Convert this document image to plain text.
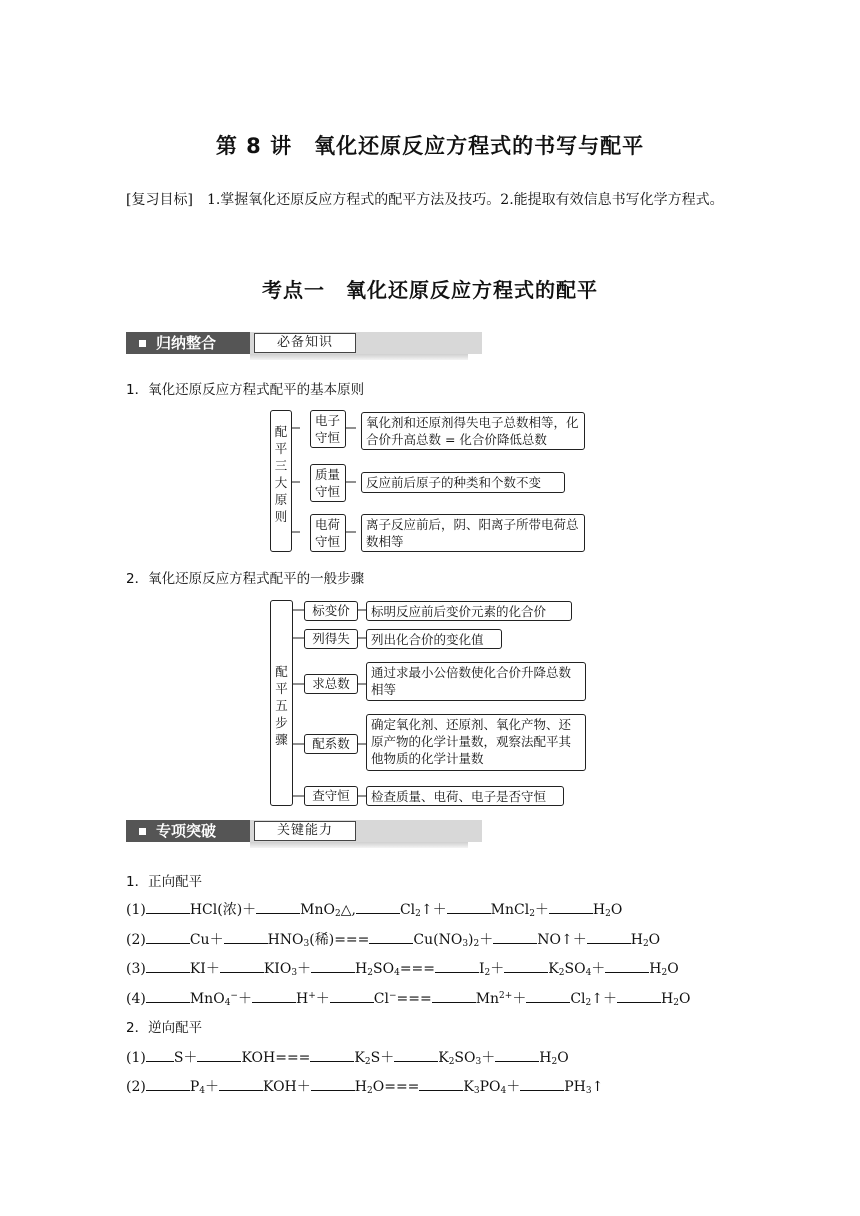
第 8 讲　氧化还原反应方程式的书写与配平
[复习目标] 1.掌握氧化还原反应方程式的配平方法及技巧。2.能提取有效信息书写化学方程式。
考点一　氧化还原反应方程式的配平
归纳整合	必备知识
1．氧化还原反应方程式配平的基本原则
配平三大原则
电子守恒
质量守恒
电荷守恒
氧化剂和还原剂得失电子总数相等，化合价升高总数 = 化合价降低总数
反应前后原子的种类和个数不变
离子反应前后，阴、阳离子所带电荷总数相等
2．氧化还原反应方程式配平的一般步骤
配平五步骤
标变价
列得失
求总数
配系数
查守恒
标明反应前后变价元素的化合价
列出化合价的变化值
通过求最小公倍数使化合价升降总数相等
确定氧化剂、还原剂、氧化产物、还原产物的化学计量数，观察法配平其他物质的化学计量数
检查质量、电荷、电子是否守恒
专项突破	关键能力
1．正向配平
(1)	HCl(浓)＋	MnO$_2$△,	$Cl_2↑+$	MnCl$_2$＋	$H_2O$
(2)	Cu＋	$HNO_3$(稀)===	$Cu(NO_3)_2+$	NO↑＋	$H_2O$
(3)	KI＋	$KIO_3+$	$H_2SO_4===$	$I_2+$	$K_2SO_4+$	$H_2O$
(4)	MnO$_4$−＋	H+＋	Cl−===	$Mn^{2+}+$	$Cl_2↑+$	$H_2O$
2．逆向配平
(1) S＋	KOH===	$K_2S+$	$K_2SO_3+$	$H_2O$
(2)	$P_4+$	KOH＋	$H_2O===$	$K_3PO_4+$	$PH_3↑$
